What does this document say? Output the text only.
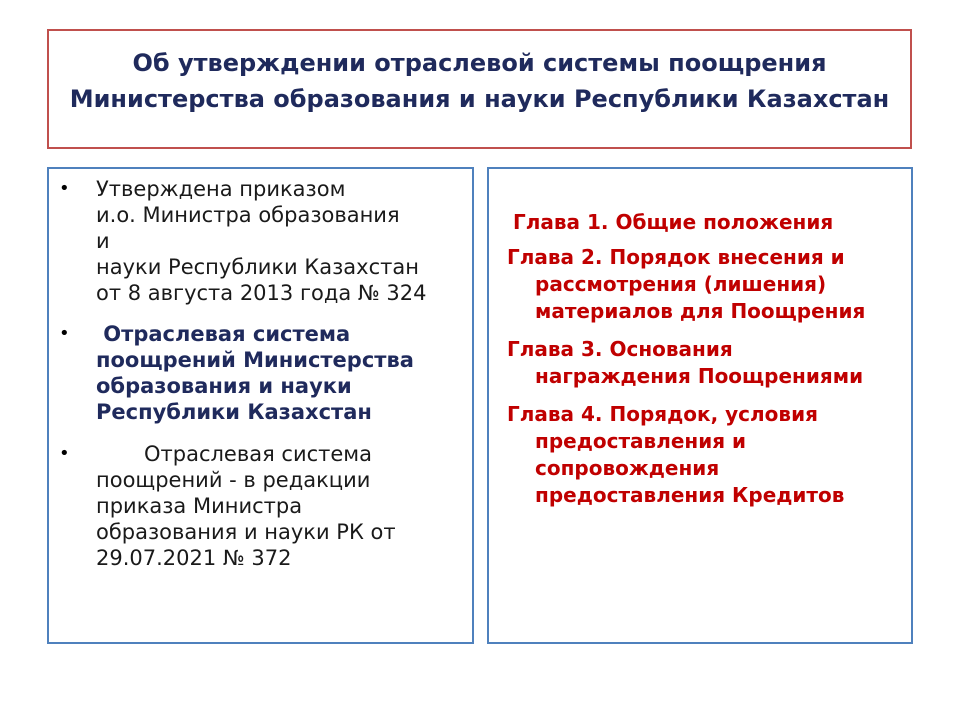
Об утверждении отраслевой системы поощрения
Министерства образования и науки Республики Казахстан
• Утверждена приказом
и.о. Министра образования
и
науки Республики Казахстан
от 8 августа 2013 года № 324
• Отраслевая система
поощрений Министерства
образования и науки
Республики Казахстан
•	Отраслевая система
поощрений - в редакции
приказа Министра
образования и науки РК от
29.07.2021 № 372
Глава 1. Общие положения
Глава 2. Порядок внесения и
рассмотрения (лишения)
материалов для Поощрения
Глава 3. Основания
награждения Поощрениями
Глава 4. Порядок, условия
предоставления и
сопровождения
предоставления Кредитов
